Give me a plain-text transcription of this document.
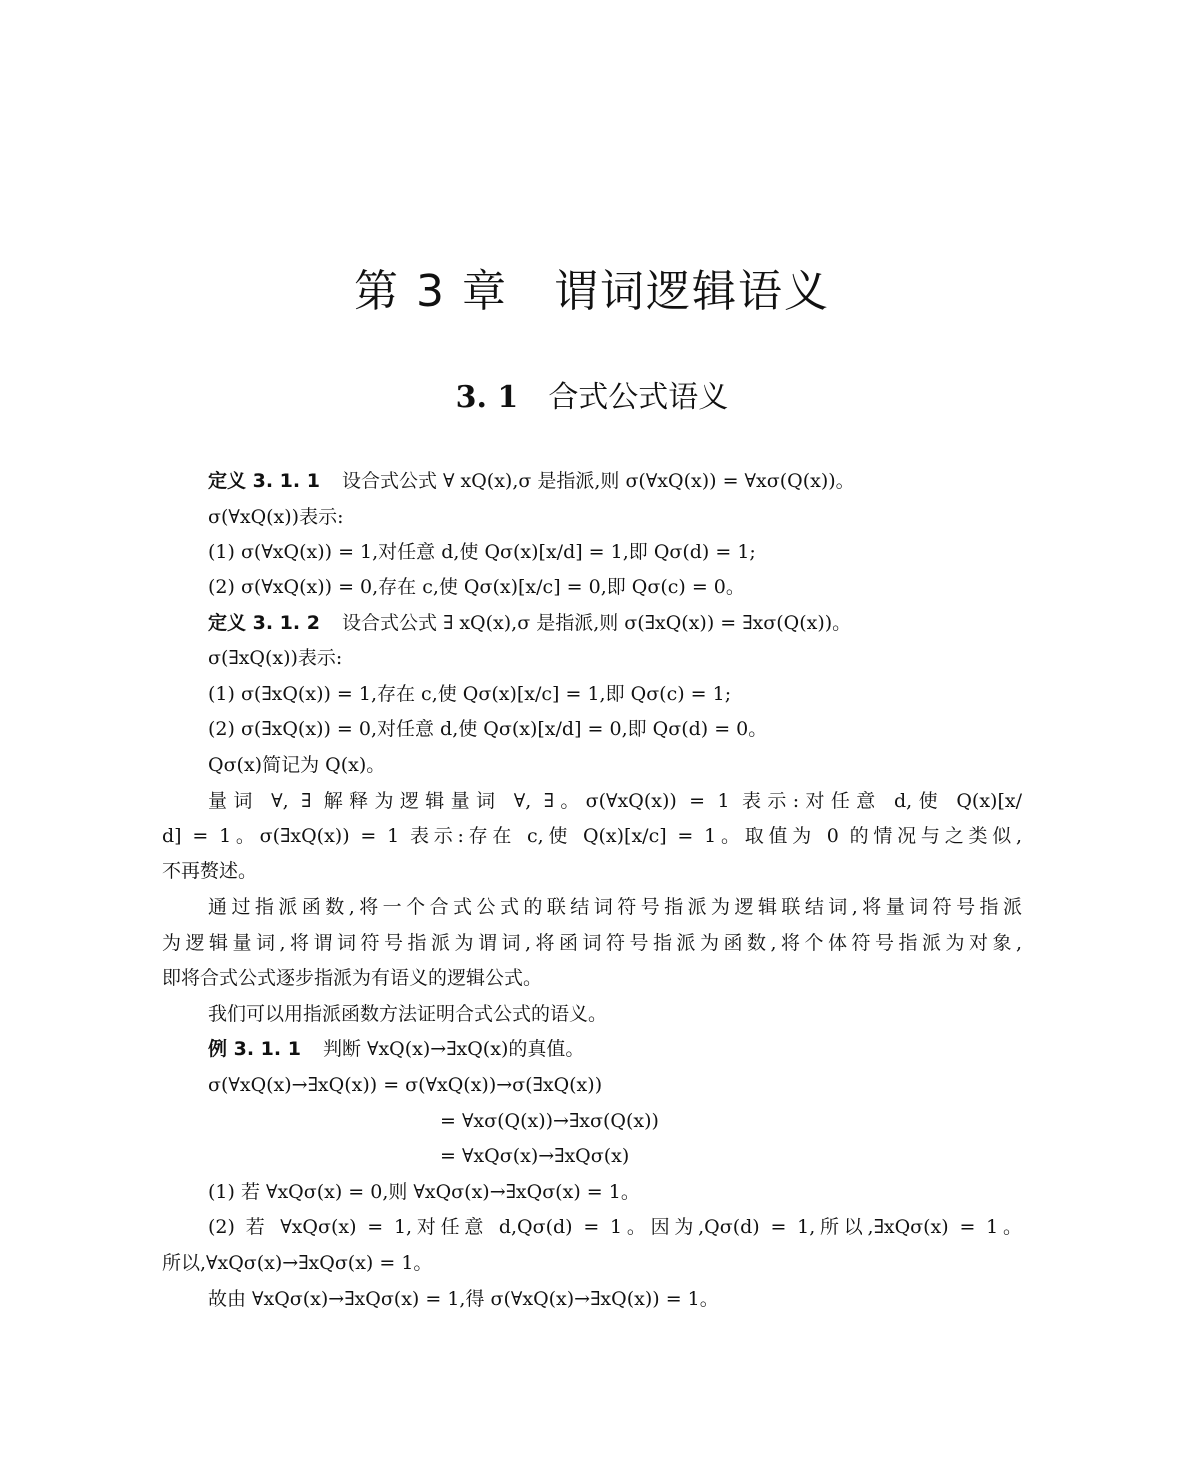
第 3 章　谓词逻辑语义
3. 1 合式公式语义
定义 3. 1. 1 设合式公式 ∀ xQ(x),σ 是指派,则 σ(∀xQ(x)) = ∀xσ(Q(x))。
σ(∀xQ(x))表示:
(1) σ(∀xQ(x)) = 1,对任意 d,使 Qσ(x)[x/d] = 1,即 Qσ(d) = 1;
(2) σ(∀xQ(x)) = 0,存在 c,使 Qσ(x)[x/c] = 0,即 Qσ(c) = 0。
定义 3. 1. 2 设合式公式 ∃ xQ(x),σ 是指派,则 σ(∃xQ(x)) = ∃xσ(Q(x))。
σ(∃xQ(x))表示:
(1) σ(∃xQ(x)) = 1,存在 c,使 Qσ(x)[x/c] = 1,即 Qσ(c) = 1;
(2) σ(∃xQ(x)) = 0,对任意 d,使 Qσ(x)[x/d] = 0,即 Qσ(d) = 0。
Qσ(x)简记为 Q(x)。
量词 ∀, ∃ 解释为逻辑量词 ∀, ∃。σ(∀xQ(x)) = 1 表示:对任意 d,使 Q(x)[x/
d] = 1。σ(∃xQ(x)) = 1 表示:存在 c,使 Q(x)[x/c] = 1。取值为 0 的情况与之类似,
不再赘述。
通过指派函数,将一个合式公式的联结词符号指派为逻辑联结词,将量词符号指派
为逻辑量词,将谓词符号指派为谓词,将函词符号指派为函数,将个体符号指派为对象,
即将合式公式逐步指派为有语义的逻辑公式。
我们可以用指派函数方法证明合式公式的语义。
例 3. 1. 1 判断 ∀xQ(x)→∃xQ(x)的真值。
σ(∀xQ(x)→∃xQ(x)) = σ(∀xQ(x))→σ(∃xQ(x))
= ∀xσ(Q(x))→∃xσ(Q(x))
= ∀xQσ(x)→∃xQσ(x)
(1) 若 ∀xQσ(x) = 0,则 ∀xQσ(x)→∃xQσ(x) = 1。
(2) 若 ∀xQσ(x) = 1,对任意 d,Qσ(d) = 1。因为,Qσ(d) = 1,所以,∃xQσ(x) = 1。
所以,∀xQσ(x)→∃xQσ(x) = 1。
故由 ∀xQσ(x)→∃xQσ(x) = 1,得 σ(∀xQ(x)→∃xQ(x)) = 1。
